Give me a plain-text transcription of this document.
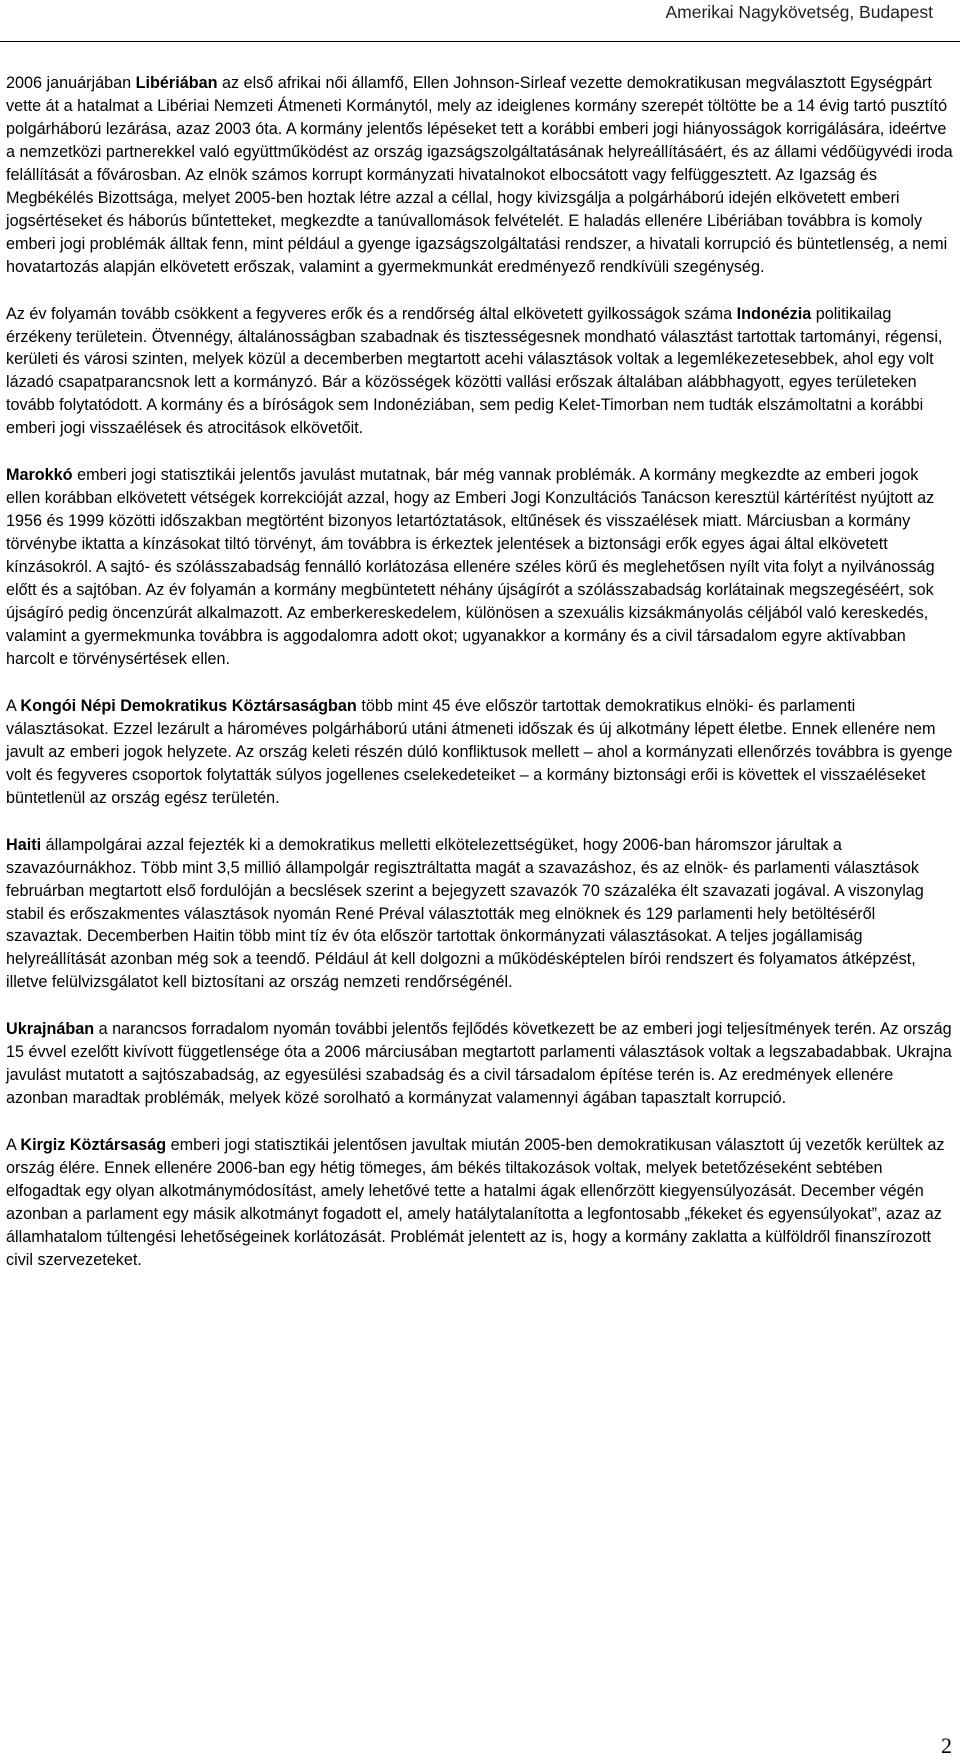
Amerikai Nagykövetség, Budapest

2006 januárjában Libériában az első afrikai női államfő, Ellen Johnson-Sirleaf vezette demokratikusan megválasztott Egységpárt vette át a hatalmat a Libériai Nemzeti Átmeneti Kormánytól, mely az ideiglenes kormány szerepét töltötte be a 14 évig tartó pusztító polgárháború lezárása, azaz 2003 óta. A kormány jelentős lépéseket tett a korábbi emberi jogi hiányosságok korrigálására, ideértve a nemzetközi partnerekkel való együttműködést az ország igazságszolgáltatásának helyreállításáért, és az állami védőügyvédi iroda felállítását a fővárosban. Az elnök számos korrupt kormányzati hivatalnokot elbocsátott vagy felfüggesztett. Az Igazság és Megbékélés Bizottsága, melyet 2005-ben hoztak létre azzal a céllal, hogy kivizsgálja a polgárháború idején elkövetett emberi jogsértéseket és háborús bűntetteket, megkezdte a tanúvallomások felvételét. E haladás ellenére Libériában továbbra is komoly emberi jogi problémák álltak fenn, mint például a gyenge igazságszolgáltatási rendszer, a hivatali korrupció és büntetlenség, a nemi hovatartozás alapján elkövetett erőszak, valamint a gyermekmunkát eredményező rendkívüli szegénység.

Az év folyamán tovább csökkent a fegyveres erők és a rendőrség által elkövetett gyilkosságok száma Indonézia politikailag érzékeny területein. Ötvennégy, általánosságban szabadnak és tisztességesnek mondható választást tartottak tartományi, régensi, kerületi és városi szinten, melyek közül a decemberben megtartott acehi választások voltak a legemlékezetesebbek, ahol egy volt lázadó csapatparancsnok lett a kormányzó. Bár a közösségek közötti vallási erőszak általában alábbhagyott, egyes területeken tovább folytatódott. A kormány és a bíróságok sem Indonéziában, sem pedig Kelet-Timorban nem tudták elszámoltatni a korábbi emberi jogi visszaélések és atrocitások elkövetőit.

Marokkó emberi jogi statisztikái jelentős javulást mutatnak, bár még vannak problémák. A kormány megkezdte az emberi jogok ellen korábban elkövetett vétségek korrekcióját azzal, hogy az Emberi Jogi Konzultációs Tanácson keresztül kártérítést nyújtott az 1956 és 1999 közötti időszakban megtörtént bizonyos letartóztatások, eltűnések és visszaélések miatt. Márciusban a kormány törvénybe iktatta a kínzásokat tiltó törvényt, ám továbbra is érkeztek jelentések a biztonsági erők egyes ágai által elkövetett kínzásokról. A sajtó- és szólásszabadság fennálló korlátozása ellenére széles körű és meglehetősen nyílt vita folyt a nyilvánosság előtt és a sajtóban. Az év folyamán a kormány megbüntetett néhány újságírót a szólásszabadság korlátainak megszegéséért, sok újságíró pedig öncenzúrát alkalmazott. Az emberkereskedelem, különösen a szexuális kizsákmányolás céljából való kereskedés, valamint a gyermekmunka továbbra is aggodalomra adott okot; ugyanakkor a kormány és a civil társadalom egyre aktívabban harcolt e törvénysértések ellen.

A Kongói Népi Demokratikus Köztársaságban több mint 45 éve először tartottak demokratikus elnöki- és parlamenti választásokat. Ezzel lezárult a hároméves polgárháború utáni átmeneti időszak és új alkotmány lépett életbe. Ennek ellenére nem javult az emberi jogok helyzete. Az ország keleti részén dúló konfliktusok mellett – ahol a kormányzati ellenőrzés továbbra is gyenge volt és fegyveres csoportok folytatták súlyos jogellenes cselekedeteiket – a kormány biztonsági erői is követtek el visszaéléseket büntetlenül az ország egész területén.

Haiti állampolgárai azzal fejezték ki a demokratikus melletti elkötelezettségüket, hogy 2006-ban háromszor járultak a szavazóurnákhoz. Több mint 3,5 millió állampolgár regisztráltatta magát a szavazáshoz, és az elnök- és parlamenti választások februárban megtartott első fordulóján a becslések szerint a bejegyzett szavazók 70 százaléka élt szavazati jogával. A viszonylag stabil és erőszakmentes választások nyomán René Préval választották meg elnöknek és 129 parlamenti hely betöltéséről szavaztak. Decemberben Haitin több mint tíz év óta először tartottak önkormányzati választásokat. A teljes jogállamiság helyreállítását azonban még sok a teendő. Például át kell dolgozni a működésképtelen bírói rendszert és folyamatos átképzést, illetve felülvizsgálatot kell biztosítani az ország nemzeti rendőrségénél.

Ukrajnában a narancsos forradalom nyomán további jelentős fejlődés következett be az emberi jogi teljesítmények terén. Az ország 15 évvel ezelőtt kivívott függetlensége óta a 2006 márciusában megtartott parlamenti választások voltak a legszabadabbak. Ukrajna javulást mutatott a sajtószabadság, az egyesülési szabadság és a civil társadalom építése terén is. Az eredmények ellenére azonban maradtak problémák, melyek közé sorolható a kormányzat valamennyi ágában tapasztalt korrupció.

A Kirgiz Köztársaság emberi jogi statisztikái jelentősen javultak miután 2005-ben demokratikusan választott új vezetők kerültek az ország élére. Ennek ellenére 2006-ban egy hétig tömeges, ám békés tiltakozások voltak, melyek betetőzéseként sebtében elfogadtak egy olyan alkotmánymódosítást, amely lehetővé tette a hatalmi ágak ellenőrzött kiegyensúlyozását. December végén azonban a parlament egy másik alkotmányt fogadott el, amely hatálytalanította a legfontosabb „fékeket és egyensúlyokat”, azaz az államhatalom túltengési lehetőségeinek korlátozását. Problémát jelentett az is, hogy a kormány zaklatta a külföldről finanszírozott civil szervezeteket.

2
